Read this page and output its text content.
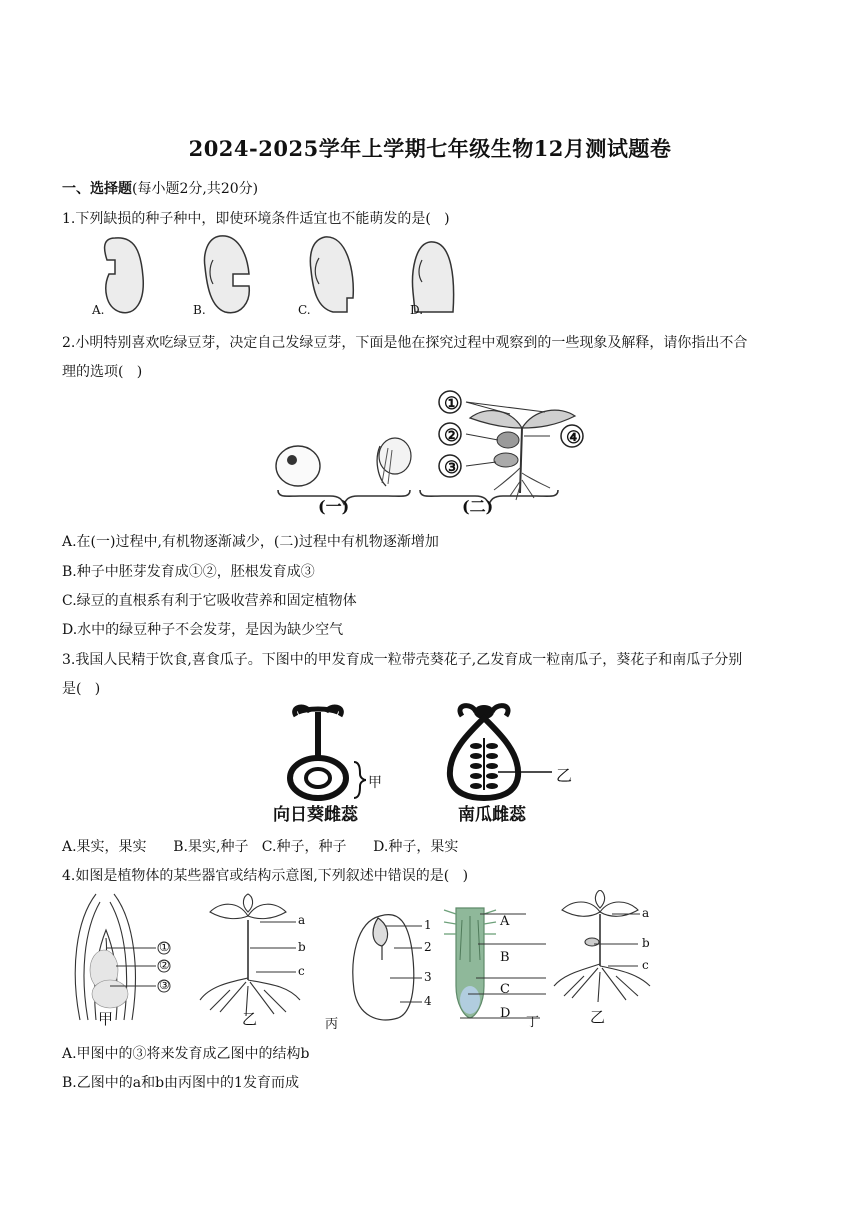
2024-2025学年上学期七年级生物12月测试题卷
一、选择题(每小题2分,共20分)
1.下列缺损的种子种中，即使环境条件适宜也不能萌发的是(   )
A.	B.	C.	D.
2.小明特别喜欢吃绿豆芽，决定自己发绿豆芽，下面是他在探究过程中观察到的一些现象及解释，请你指出不合
理的选项(   )
①
②
③
④
(一)	(二)
A.在(一)过程中,有机物逐渐减少，(二)过程中有机物逐渐增加
B.种子中胚芽发育成①②，胚根发育成③
C.绿豆的直根系有利于它吸收营养和固定植物体
D.水中的绿豆种子不会发芽，是因为缺少空气
3.我国人民精于饮食,喜食瓜子。下图中的甲发育成一粒带壳葵花子,乙发育成一粒南瓜子，葵花子和南瓜子分别
是(   )
甲	乙
向日葵雌蕊	南瓜雌蕊
A.果实，果实      B.果实,种子   C.种子，种子      D.种子，果实
4.如图是植物体的某些器官或结构示意图,下列叙述中错误的是(   )
①
②
③
甲
a
b
c
乙
1
2
3
4
丙
A
B
C
D
丁
a
b
c
乙
A.甲图中的③将来发育成乙图中的结构b
B.乙图中的a和b由丙图中的1发育而成
